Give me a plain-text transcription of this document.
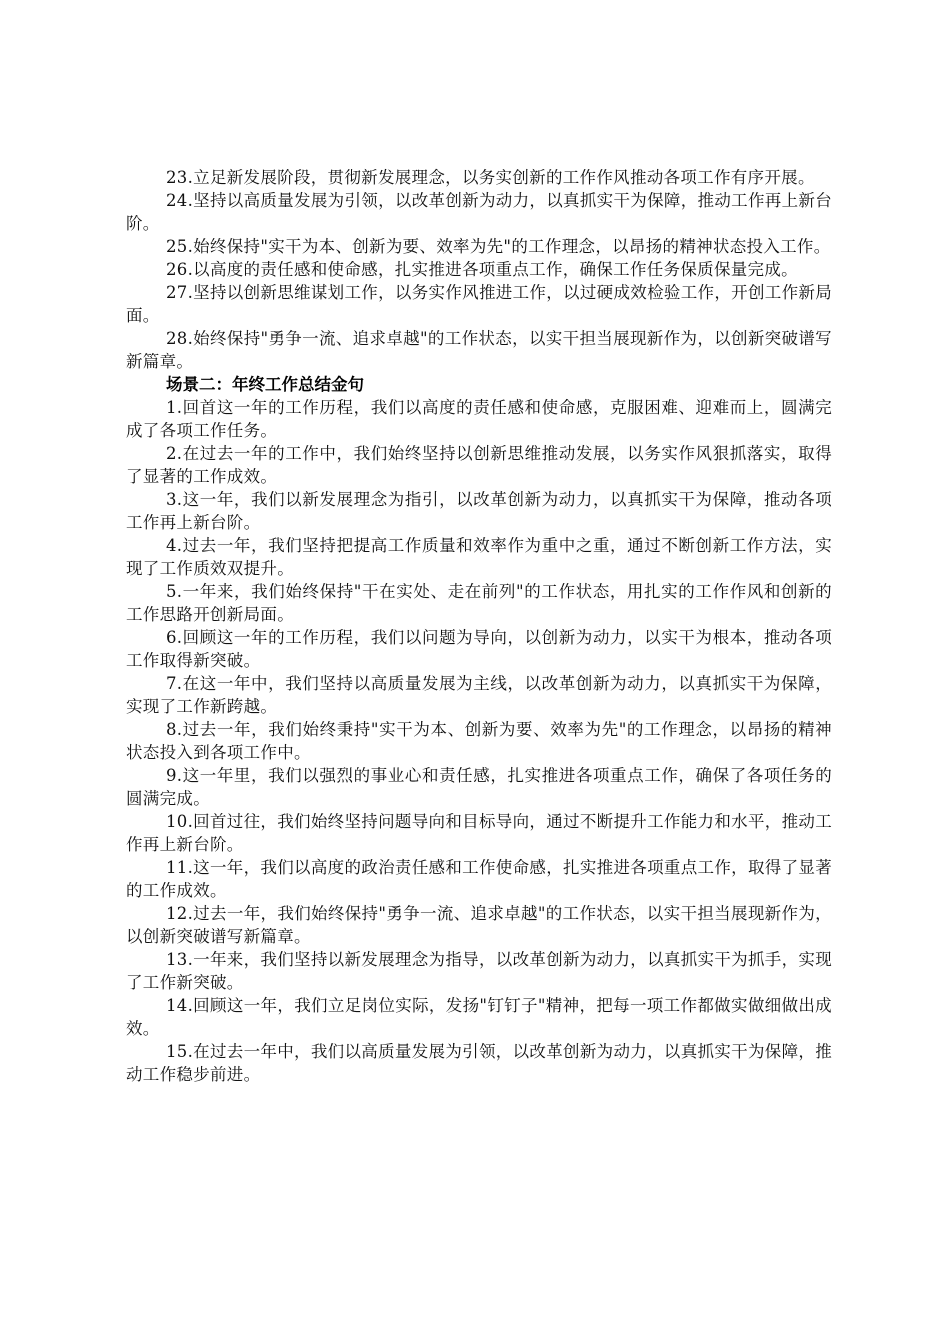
23.立足新发展阶段，贯彻新发展理念，以务实创新的工作作风推动各项工作有序开展。

24.坚持以高质量发展为引领，以改革创新为动力，以真抓实干为保障，推动工作再上新台阶。

25.始终保持"实干为本、创新为要、效率为先"的工作理念，以昂扬的精神状态投入工作。

26.以高度的责任感和使命感，扎实推进各项重点工作，确保工作任务保质保量完成。

27.坚持以创新思维谋划工作，以务实作风推进工作，以过硬成效检验工作，开创工作新局面。

28.始终保持"勇争一流、追求卓越"的工作状态，以实干担当展现新作为，以创新突破谱写新篇章。

场景二：年终工作总结金句

1.回首这一年的工作历程，我们以高度的责任感和使命感，克服困难、迎难而上，圆满完成了各项工作任务。

2.在过去一年的工作中，我们始终坚持以创新思维推动发展，以务实作风狠抓落实，取得了显著的工作成效。

3.这一年，我们以新发展理念为指引，以改革创新为动力，以真抓实干为保障，推动各项工作再上新台阶。

4.过去一年，我们坚持把提高工作质量和效率作为重中之重，通过不断创新工作方法，实现了工作质效双提升。

5.一年来，我们始终保持"干在实处、走在前列"的工作状态，用扎实的工作作风和创新的工作思路开创新局面。

6.回顾这一年的工作历程，我们以问题为导向，以创新为动力，以实干为根本，推动各项工作取得新突破。

7.在这一年中，我们坚持以高质量发展为主线，以改革创新为动力，以真抓实干为保障，实现了工作新跨越。

8.过去一年，我们始终秉持"实干为本、创新为要、效率为先"的工作理念，以昂扬的精神状态投入到各项工作中。

9.这一年里，我们以强烈的事业心和责任感，扎实推进各项重点工作，确保了各项任务的圆满完成。

10.回首过往，我们始终坚持问题导向和目标导向，通过不断提升工作能力和水平，推动工作再上新台阶。

11.这一年，我们以高度的政治责任感和工作使命感，扎实推进各项重点工作，取得了显著的工作成效。

12.过去一年，我们始终保持"勇争一流、追求卓越"的工作状态，以实干担当展现新作为，以创新突破谱写新篇章。

13.一年来，我们坚持以新发展理念为指导，以改革创新为动力，以真抓实干为抓手，实现了工作新突破。

14.回顾这一年，我们立足岗位实际，发扬"钉钉子"精神，把每一项工作都做实做细做出成效。

15.在过去一年中，我们以高质量发展为引领，以改革创新为动力，以真抓实干为保障，推动工作稳步前进。
